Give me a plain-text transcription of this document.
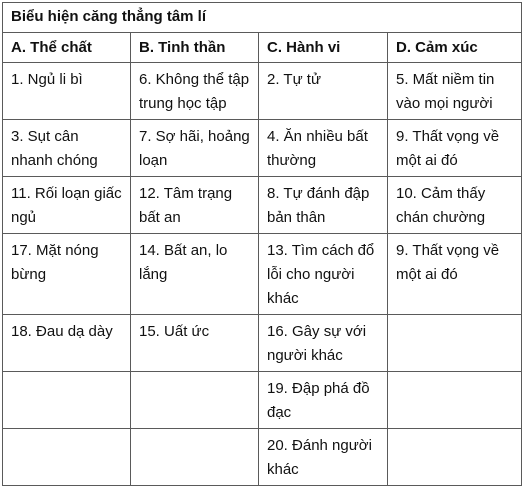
Biểu hiện căng thẳng tâm lí			
A. Thể chất	B. Tinh thần	C. Hành vi	D. Cảm xúc
1. Ngủ li bì	6. Không thể tập trung học tập	2. Tự tử	5. Mất niềm tin vào mọi người
3. Sụt cân nhanh chóng	7. Sợ hãi, hoảng loạn	4. Ăn nhiều bất thường	9. Thất vọng về một ai đó
11. Rối loạn giấc ngủ	12. Tâm trạng bất an	8. Tự đánh đập bản thân	10. Cảm thấy chán chường
17. Mặt nóng bừng	14. Bất an, lo lắng	13. Tìm cách đổ lỗi cho người khác	9. Thất vọng về một ai đó
18. Đau dạ dày	15. Uất ức	16. Gây sự với người khác	
		19. Đập phá đồ đạc	
		20. Đánh người khác	
